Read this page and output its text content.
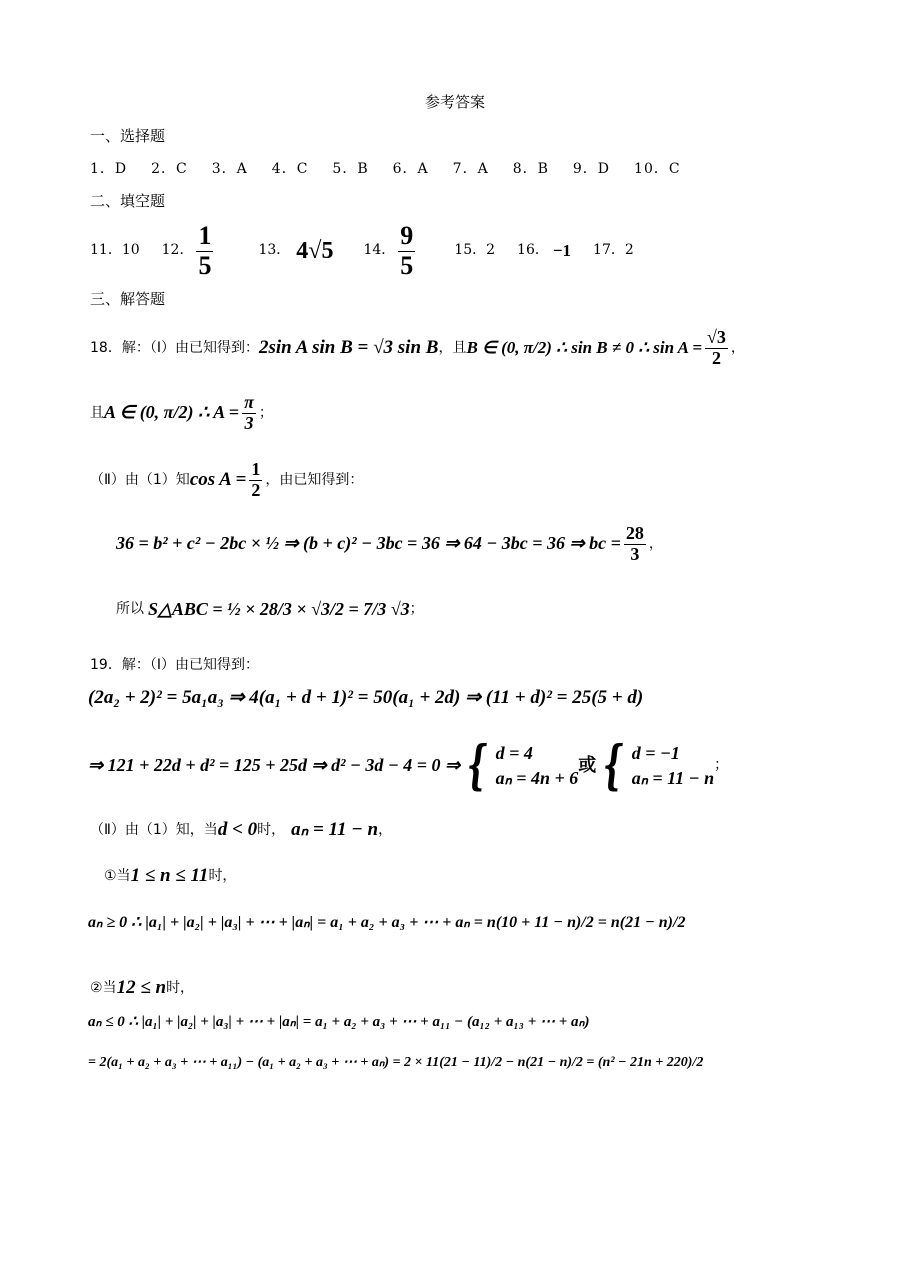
参考答案
一、选择题
1．D 2．C 3．A 4．C 5．B 6．A 7．A 8．B 9．D 10．C
二、填空题
11．10 12． $\frac{1}{5}$	13． 4√5 14． $\frac{9}{5}$	15．2 16． −1 17．2
三、解答题
18．解：（Ⅰ）由已知得到： 2sin A sin B = √3 sin B ，且 B ∈ (0, π/2) ∴ sin B ≠ 0 ∴ $\sin A = \frac{√3}{2}$ ，
且 A ∈ (0, π/2) ∴ $A = \frac{\pi}{3}$ ；
（Ⅱ）由（1）知 $\cos A = \frac{1}{2}$ ，由已知得到：
36 = b² + c² − 2bc × ½ ⇒ (b + c)² − 3bc = 36 ⇒ 64 − 3bc = 36 ⇒ bc = $\frac{28}{3}$ ，
所以 S△ABC = ½ × 28/3 × √3/2 = 7/3 √3 ；
19．解：（Ⅰ）由已知得到：
(2a₂ + 2)² = 5a₁a₃ ⇒ 4(a₁ + d + 1)² = 50(a₁ + 2d) ⇒ (11 + d)² = 25(5 + d)
⇒ 121 + 22d + d² = 125 + 25d ⇒ d² − 3d − 4 = 0 ⇒ { d = 4
aₙ = 4n + 6
或 { d = −1
aₙ = 11 − n
；
（Ⅱ）由（1）知，当 d < 0 时， aₙ = 11 − n ，
①当 1 ≤ n ≤ 11 时，
aₙ ≥ 0 ∴ |a₁| + |a₂| + |a₃| + ⋯ + |aₙ| = a₁ + a₂ + a₃ + ⋯ + aₙ = n(10 + 11 − n)/2 = n(21 − n)/2
②当 12 ≤ n 时，
aₙ ≤ 0 ∴ |a₁| + |a₂| + |a₃| + ⋯ + |aₙ| = a₁ + a₂ + a₃ + ⋯ + a₁₁ − (a₁₂ + a₁₃ + ⋯ + aₙ)
= 2(a₁ + a₂ + a₃ + ⋯ + a₁₁) − (a₁ + a₂ + a₃ + ⋯ + aₙ) = 2 × 11(21 − 11)/2 − n(21 − n)/2 = (n² − 21n + 220)/2
